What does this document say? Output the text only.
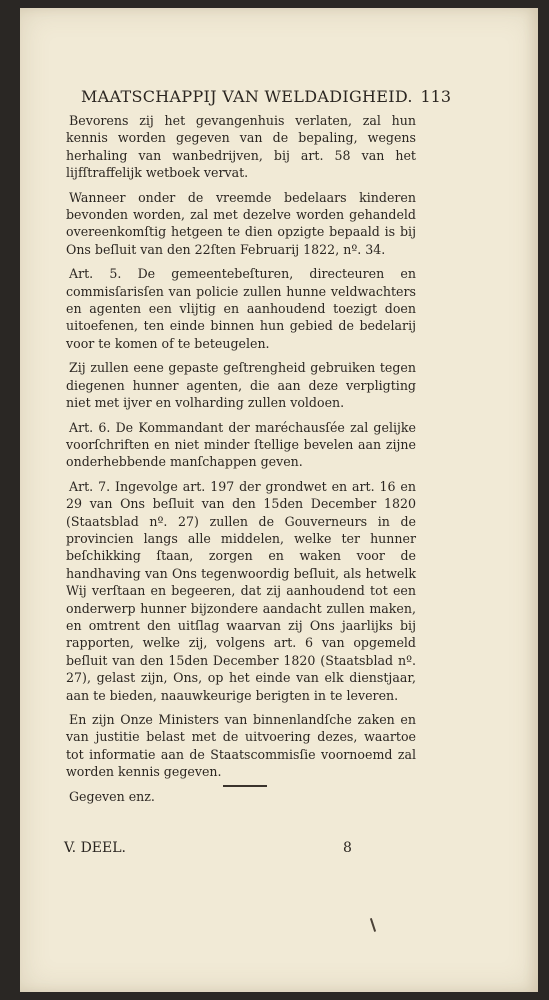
MAATSCHAPPIJ VAN WELDADIGHEID. 113

Bevorens zij het gevangenhuis verlaten, zal hun kennis worden gegeven van de bepaling, wegens herhaling van wanbedrijven, bij art. 58 van het lijfſtraffelijk wetboek vervat.

Wanneer onder de vreemde bedelaars kinderen bevonden worden, zal met dezelve worden gehandeld overeenkomſtig hetgeen te dien opzigte bepaald is bij Ons beſluit van den 22ſten Februarij 1822, nº. 34.

Art. 5. De gemeentebeſturen, directeuren en commisſarisſen van policie zullen hunne veldwachters en agenten een vlijtig en aanhoudend toezigt doen uitoefenen, ten einde binnen hun gebied de bedelarij voor te komen of te beteugelen.

Zij zullen eene gepaste geſtrengheid gebruiken tegen diegenen hunner agenten, die aan deze verpligting niet met ijver en volharding zullen voldoen.

Art. 6. De Kommandant der maréchausſée zal gelijke voorſchriften en niet minder ſtellige bevelen aan zijne onderhebbende manſchappen geven.

Art. 7. Ingevolge art. 197 der grondwet en art. 16 en 29 van Ons beſluit van den 15den December 1820 (Staatsblad nº. 27) zullen de Gouverneurs in de provincien langs alle middelen, welke ter hunner beſchikking ſtaan, zorgen en waken voor de handhaving van Ons tegenwoordig beſluit, als hetwelk Wij verſtaan en begeeren, dat zij aanhoudend tot een onderwerp hunner bijzondere aandacht zullen maken, en omtrent den uitſlag waarvan zij Ons jaarlijks bij rapporten, welke zij, volgens art. 6 van opgemeld beſluit van den 15den December 1820 (Staatsblad nº. 27), gelast zijn, Ons, op het einde van elk dienstjaar, aan te bieden, naauwkeurige berigten in te leveren.

En zijn Onze Ministers van binnenlandſche zaken en van justitie belast met de uitvoering dezes, waartoe tot informatie aan de Staatscommisſie voornoemd zal worden kennis gegeven.

Gegeven enz.

V. DEEL.	8
